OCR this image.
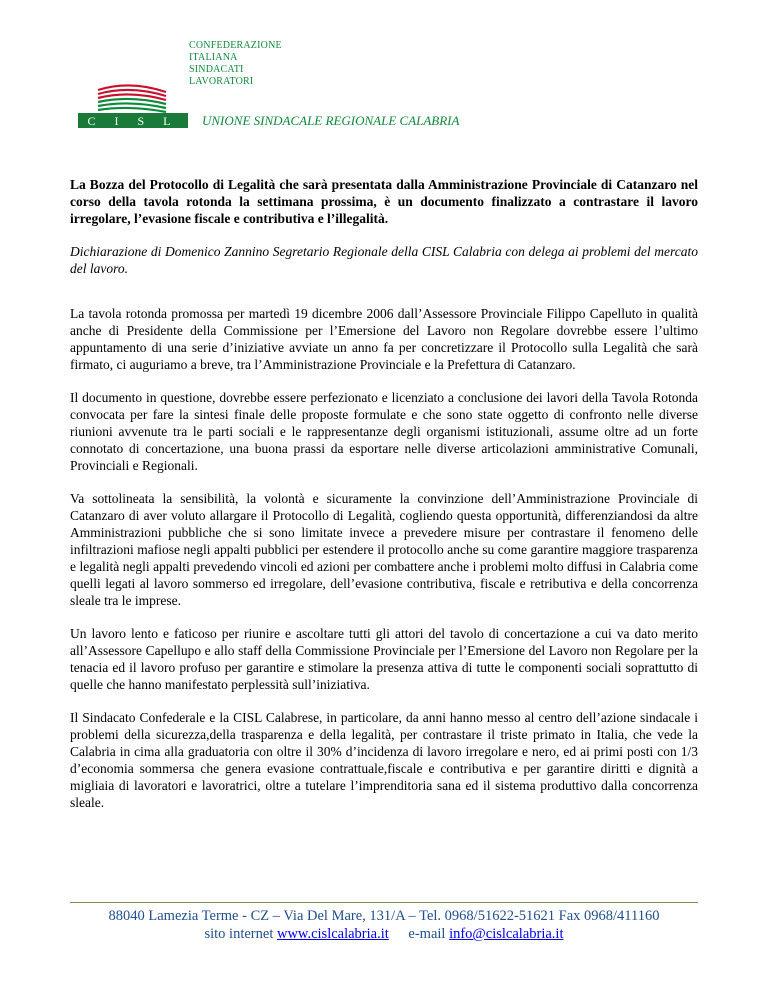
CONFEDERAZIONE
ITALIANA
SINDACATI
LAVORATORI
C I S L UNIONE SINDACALE REGIONALE CALABRIA

La Bozza del Protocollo di Legalità che sarà presentata dalla Amministrazione Provinciale di Catanzaro nel corso della tavola rotonda la settimana prossima, è un documento finalizzato a contrastare il lavoro irregolare, l’evasione fiscale e contributiva e l’illegalità.

Dichiarazione di Domenico Zannino Segretario Regionale della CISL Calabria con delega ai problemi del mercato del lavoro.

La tavola rotonda promossa per martedì 19 dicembre 2006 dall’Assessore Provinciale Filippo Capelluto in qualità anche di Presidente della Commissione per l’Emersione del Lavoro non Regolare dovrebbe essere l’ultimo appuntamento di una serie d’iniziative avviate un anno fa per concretizzare il Protocollo sulla Legalità che sarà firmato, ci auguriamo a breve, tra l’Amministrazione Provinciale e la Prefettura di Catanzaro.

Il documento in questione, dovrebbe essere perfezionato e licenziato a conclusione dei lavori della Tavola Rotonda convocata per fare la sintesi finale delle proposte formulate e che sono state oggetto di confronto nelle diverse riunioni avvenute tra le parti sociali e le rappresentanze degli organismi istituzionali, assume oltre ad un forte connotato di concertazione, una buona prassi da esportare nelle diverse articolazioni amministrative Comunali, Provinciali e Regionali.

Va sottolineata la sensibilità, la volontà e sicuramente la convinzione dell’Amministrazione Provinciale di Catanzaro di aver voluto allargare il Protocollo di Legalità, cogliendo questa opportunità, differenziandosi da altre Amministrazioni pubbliche che si sono limitate invece a prevedere misure per contrastare il fenomeno delle infiltrazioni mafiose negli appalti pubblici per estendere il protocollo anche su come garantire maggiore trasparenza e legalità negli appalti prevedendo vincoli ed azioni per combattere anche i problemi molto diffusi in Calabria come quelli legati al lavoro sommerso ed irregolare, dell’evasione contributiva, fiscale e retributiva e della concorrenza sleale tra le imprese.

Un lavoro lento e faticoso per riunire e ascoltare tutti gli attori del tavolo di concertazione a cui va dato merito all’Assessore Capellupo e allo staff della Commissione Provinciale per l’Emersione del Lavoro non Regolare per la tenacia ed il lavoro profuso per garantire e stimolare la presenza attiva di tutte le componenti sociali soprattutto di quelle che hanno manifestato perplessità sull’iniziativa.

Il Sindacato Confederale e la CISL Calabrese, in particolare, da anni hanno messo al centro dell’azione sindacale i problemi della sicurezza,della trasparenza e della legalità, per contrastare il triste primato in Italia, che vede la Calabria in cima alla graduatoria con oltre il 30% d’incidenza di lavoro irregolare e nero, ed ai primi posti con 1/3 d’economia sommersa che genera evasione contrattuale,fiscale e contributiva e per garantire diritti e dignità a migliaia di lavoratori e lavoratrici, oltre a tutelare l’imprenditoria sana ed il sistema produttivo dalla concorrenza sleale.

88040 Lamezia Terme - CZ – Via Del Mare, 131/A – Tel. 0968/51622-51621 Fax 0968/411160
sito internet www.cislcalabria.it e-mail info@cislcalabria.it
